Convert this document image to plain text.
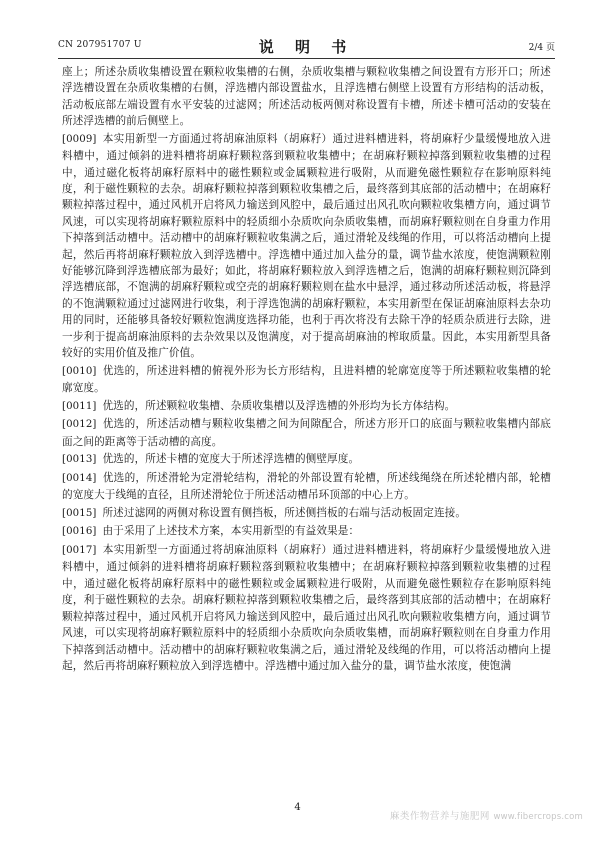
CN 207951707 U	说 明 书	2/4 页

座上；所述杂质收集槽设置在颗粒收集槽的右侧，杂质收集槽与颗粒收集槽之间设置有方形开口；所述浮选槽设置在杂质收集槽的右侧，浮选槽内部设置盐水，且浮选槽右侧壁上设置有方形结构的活动板，活动板底部左端设置有水平安装的过滤网；所述活动板两侧对称设置有卡槽，所述卡槽可活动的安装在所述浮选槽的前后侧壁上。

[0009] 本实用新型一方面通过将胡麻油原料（胡麻籽）通过进料槽进料，将胡麻籽少量缓慢地放入进料槽中，通过倾斜的进料槽将胡麻籽颗粒落到颗粒收集槽中；在胡麻籽颗粒掉落到颗粒收集槽的过程中，通过磁化板将胡麻籽原料中的磁性颗粒或金属颗粒进行吸附，从而避免磁性颗粒存在影响原料纯度，利于磁性颗粒的去杂。胡麻籽颗粒掉落到颗粒收集槽之后，最终落到其底部的活动槽中；在胡麻籽颗粒掉落过程中，通过风机开启将风力输送到风腔中，最后通过出风孔吹向颗粒收集槽方向，通过调节风速，可以实现将胡麻籽颗粒原料中的轻质细小杂质吹向杂质收集槽，而胡麻籽颗粒则在自身重力作用下掉落到活动槽中。活动槽中的胡麻籽颗粒收集满之后，通过滑轮及线绳的作用，可以将活动槽向上提起，然后再将胡麻籽颗粒放入到浮选槽中。浮选槽中通过加入盐分的量，调节盐水浓度，使饱满颗粒刚好能够沉降到浮选槽底部为最好；如此，将胡麻籽颗粒放入到浮选槽之后，饱满的胡麻籽颗粒则沉降到浮选槽底部，不饱满的胡麻籽颗粒或空壳的胡麻籽颗粒则在盐水中悬浮，通过移动所述活动板，将悬浮的不饱满颗粒通过过滤网进行收集，利于浮选饱满的胡麻籽颗粒，本实用新型在保证胡麻油原料去杂功用的同时，还能够具备较好颗粒饱满度选择功能，也利于再次将没有去除干净的轻质杂质进行去除，进一步利于提高胡麻油原料的去杂效果以及饱满度，对于提高胡麻油的榨取质量。因此，本实用新型具备较好的实用价值及推广价值。

[0010] 优选的，所述进料槽的俯视外形为长方形结构，且进料槽的轮廓宽度等于所述颗粒收集槽的轮廓宽度。

[0011] 优选的，所述颗粒收集槽、杂质收集槽以及浮选槽的外形均为长方体结构。

[0012] 优选的，所述活动槽与颗粒收集槽之间为间隙配合，所述方形开口的底面与颗粒收集槽内部底面之间的距离等于活动槽的高度。

[0013] 优选的，所述卡槽的宽度大于所述浮选槽的侧壁厚度。

[0014] 优选的，所述滑轮为定滑轮结构，滑轮的外部设置有轮槽，所述线绳绕在所述轮槽内部，轮槽的宽度大于线绳的直径，且所述滑轮位于所述活动槽吊环顶部的中心上方。

[0015] 所述过滤网的两侧对称设置有侧挡板，所述侧挡板的右端与活动板固定连接。

[0016] 由于采用了上述技术方案，本实用新型的有益效果是：

[0017] 本实用新型一方面通过将胡麻油原料（胡麻籽）通过进料槽进料，将胡麻籽少量缓慢地放入进料槽中，通过倾斜的进料槽将胡麻籽颗粒落到颗粒收集槽中；在胡麻籽颗粒掉落到颗粒收集槽的过程中，通过磁化板将胡麻籽原料中的磁性颗粒或金属颗粒进行吸附，从而避免磁性颗粒存在影响原料纯度，利于磁性颗粒的去杂。胡麻籽颗粒掉落到颗粒收集槽之后，最终落到其底部的活动槽中；在胡麻籽颗粒掉落过程中，通过风机开启将风力输送到风腔中，最后通过出风孔吹向颗粒收集槽方向，通过调节风速，可以实现将胡麻籽颗粒原料中的轻质细小杂质吹向杂质收集槽，而胡麻籽颗粒则在自身重力作用下掉落到活动槽中。活动槽中的胡麻籽颗粒收集满之后，通过滑轮及线绳的作用，可以将活动槽向上提起，然后再将胡麻籽颗粒放入到浮选槽中。浮选槽中通过加入盐分的量，调节盐水浓度，使饱满

4
麻类作物营养与施肥网 www.fibercrops.com
